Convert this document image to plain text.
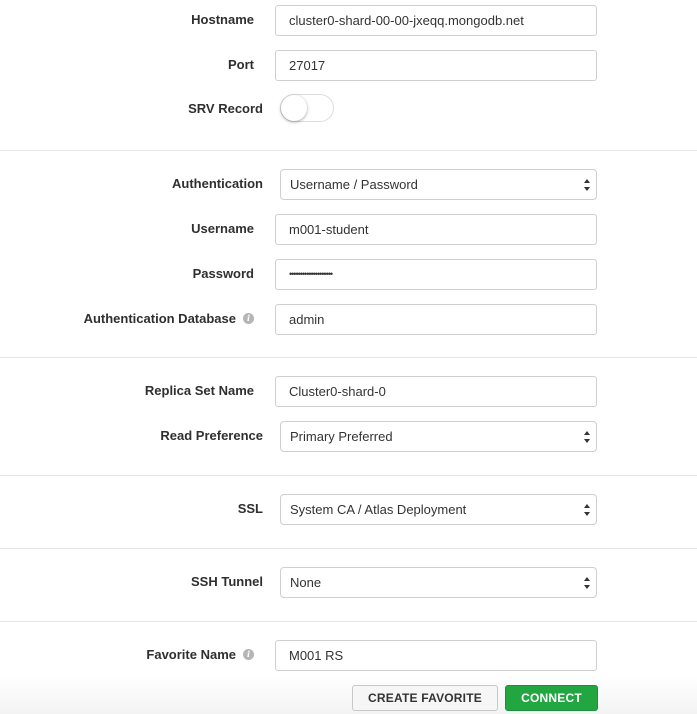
Hostname	cluster0-shard-00-00-jxeqq.mongodb.net
Port	27017
SRV Record
Authentication	Username / Password
Username	m001-student
Password	••••••••••••••••••••
Authentication Database	i	admin
Replica Set Name	Cluster0-shard-0
Read Preference	Primary Preferred
SSL	System CA / Atlas Deployment
SSH Tunnel	None
Favorite Name	i	M001 RS
CREATE FAVORITE	CONNECT
